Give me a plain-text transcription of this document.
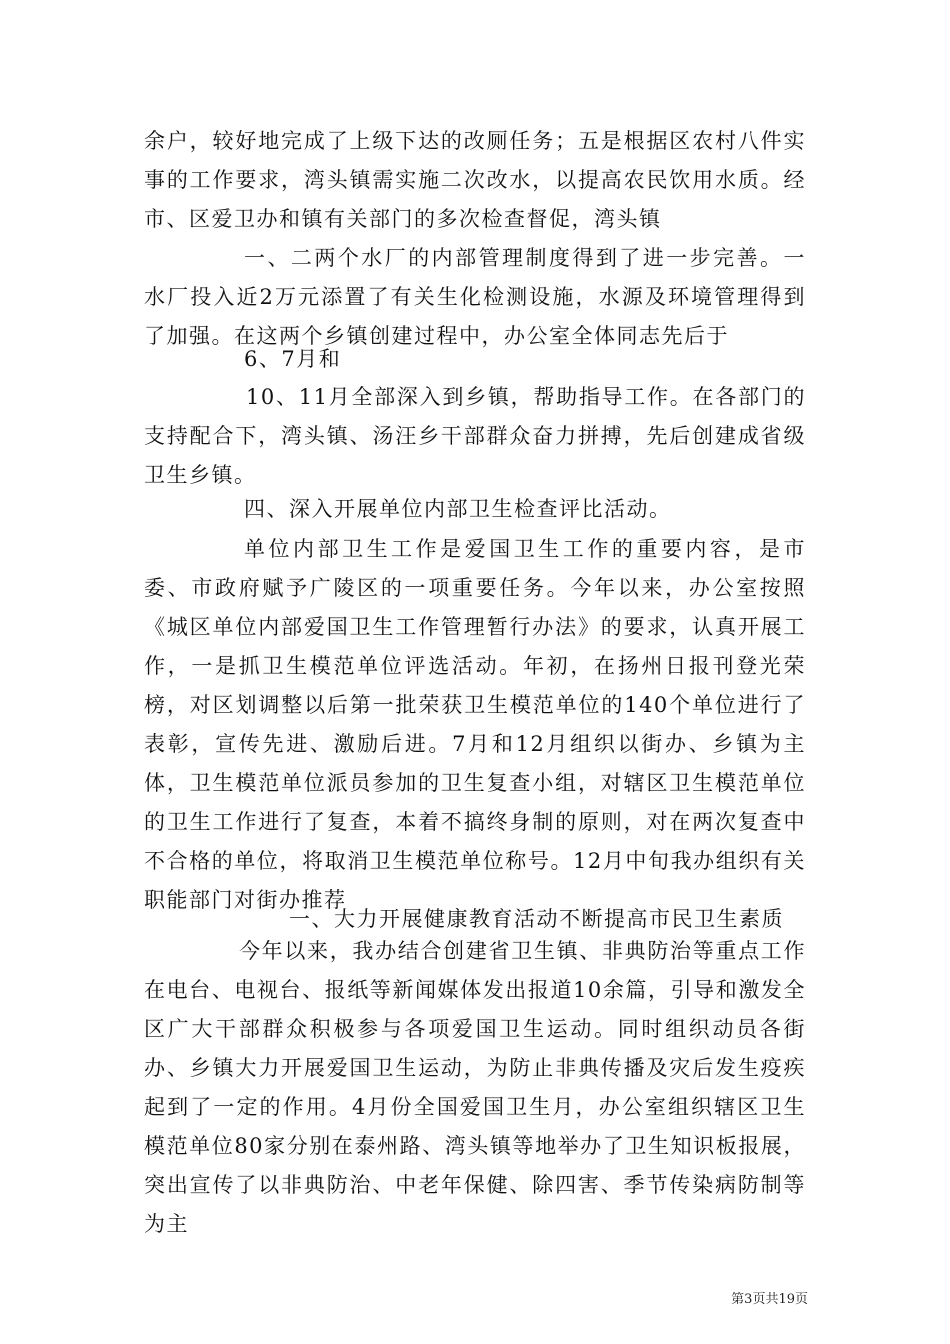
余户，较好地完成了上级下达的改厕任务；五是根据区农村八件实事的工作要求，湾头镇需实施二次改水，以提高农民饮用水质。经市、区爱卫办和镇有关部门的多次检查督促，湾头镇

一、二两个水厂的内部管理制度得到了进一步完善。一水厂投入近2万元添置了有关生化检测设施，水源及环境管理得到了加强。在这两个乡镇创建过程中，办公室全体同志先后于

6、7月和

10、11月全部深入到乡镇，帮助指导工作。在各部门的支持配合下，湾头镇、汤汪乡干部群众奋力拼搏，先后创建成省级卫生乡镇。

四、深入开展单位内部卫生检查评比活动。

单位内部卫生工作是爱国卫生工作的重要内容，是市委、市政府赋予广陵区的一项重要任务。今年以来，办公室按照《城区单位内部爱国卫生工作管理暂行办法》的要求，认真开展工作，一是抓卫生模范单位评选活动。年初，在扬州日报刊登光荣榜，对区划调整以后第一批荣获卫生模范单位的140个单位进行了表彰，宣传先进、激励后进。7月和12月组织以街办、乡镇为主体，卫生模范单位派员参加的卫生复查小组，对辖区卫生模范单位的卫生工作进行了复查，本着不搞终身制的原则，对在两次复查中不合格的单位，将取消卫生模范单位称号。12月中旬我办组织有关职能部门对街办推荐

一、大力开展健康教育活动不断提高市民卫生素质

今年以来，我办结合创建省卫生镇、非典防治等重点工作在电台、电视台、报纸等新闻媒体发出报道10余篇，引导和激发全区广大干部群众积极参与各项爱国卫生运动。同时组织动员各街办、乡镇大力开展爱国卫生运动，为防止非典传播及灾后发生疫疾起到了一定的作用。4月份全国爱国卫生月，办公室组织辖区卫生模范单位80家分别在泰州路、湾头镇等地举办了卫生知识板报展，突出宣传了以非典防治、中老年保健、除四害、季节传染病防制等为主

第3页共19页
